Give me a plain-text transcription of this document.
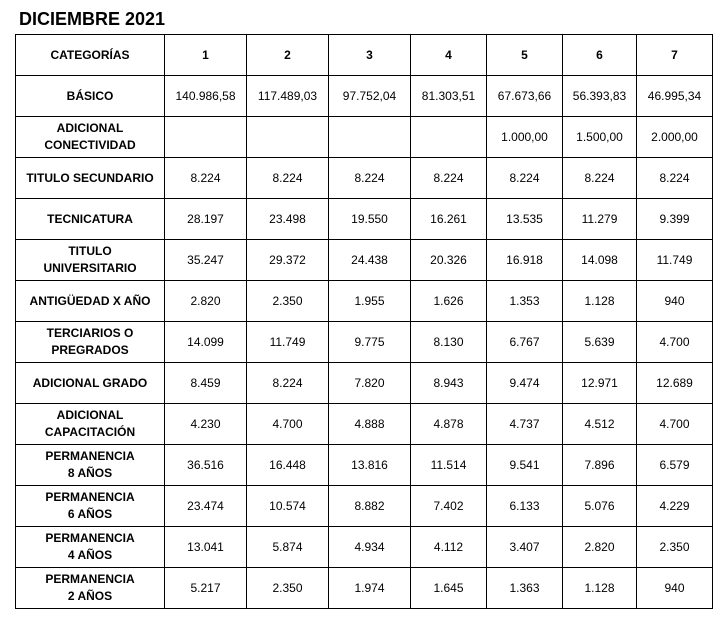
DICIEMBRE 2021
CATEGORÍAS	1	2	3	4	5	6	7

BÁSICO	140.986,58	117.489,03	97.752,04	81.303,51	67.673,66	56.393,83	46.995,34

ADICIONAL
CONECTIVIDAD					1.000,00	1.500,00	2.000,00

TITULO SECUNDARIO	8.224	8.224	8.224	8.224	8.224	8.224	8.224

TECNICATURA	28.197	23.498	19.550	16.261	13.535	11.279	9.399

TITULO
UNIVERSITARIO	35.247	29.372	24.438	20.326	16.918	14.098	11.749

ANTIGÜEDAD X AÑO	2.820	2.350	1.955	1.626	1.353	1.128	940

TERCIARIOS O
PREGRADOS	14.099	11.749	9.775	8.130	6.767	5.639	4.700

ADICIONAL GRADO	8.459	8.224	7.820	8.943	9.474	12.971	12.689

ADICIONAL
CAPACITACIÓN	4.230	4.700	4.888	4.878	4.737	4.512	4.700

PERMANENCIA
8 AÑOS	36.516	16.448	13.816	11.514	9.541	7.896	6.579

PERMANENCIA
6 AÑOS	23.474	10.574	8.882	7.402	6.133	5.076	4.229

PERMANENCIA
4 AÑOS	13.041	5.874	4.934	4.112	3.407	2.820	2.350

PERMANENCIA
2 AÑOS	5.217	2.350	1.974	1.645	1.363	1.128	940
